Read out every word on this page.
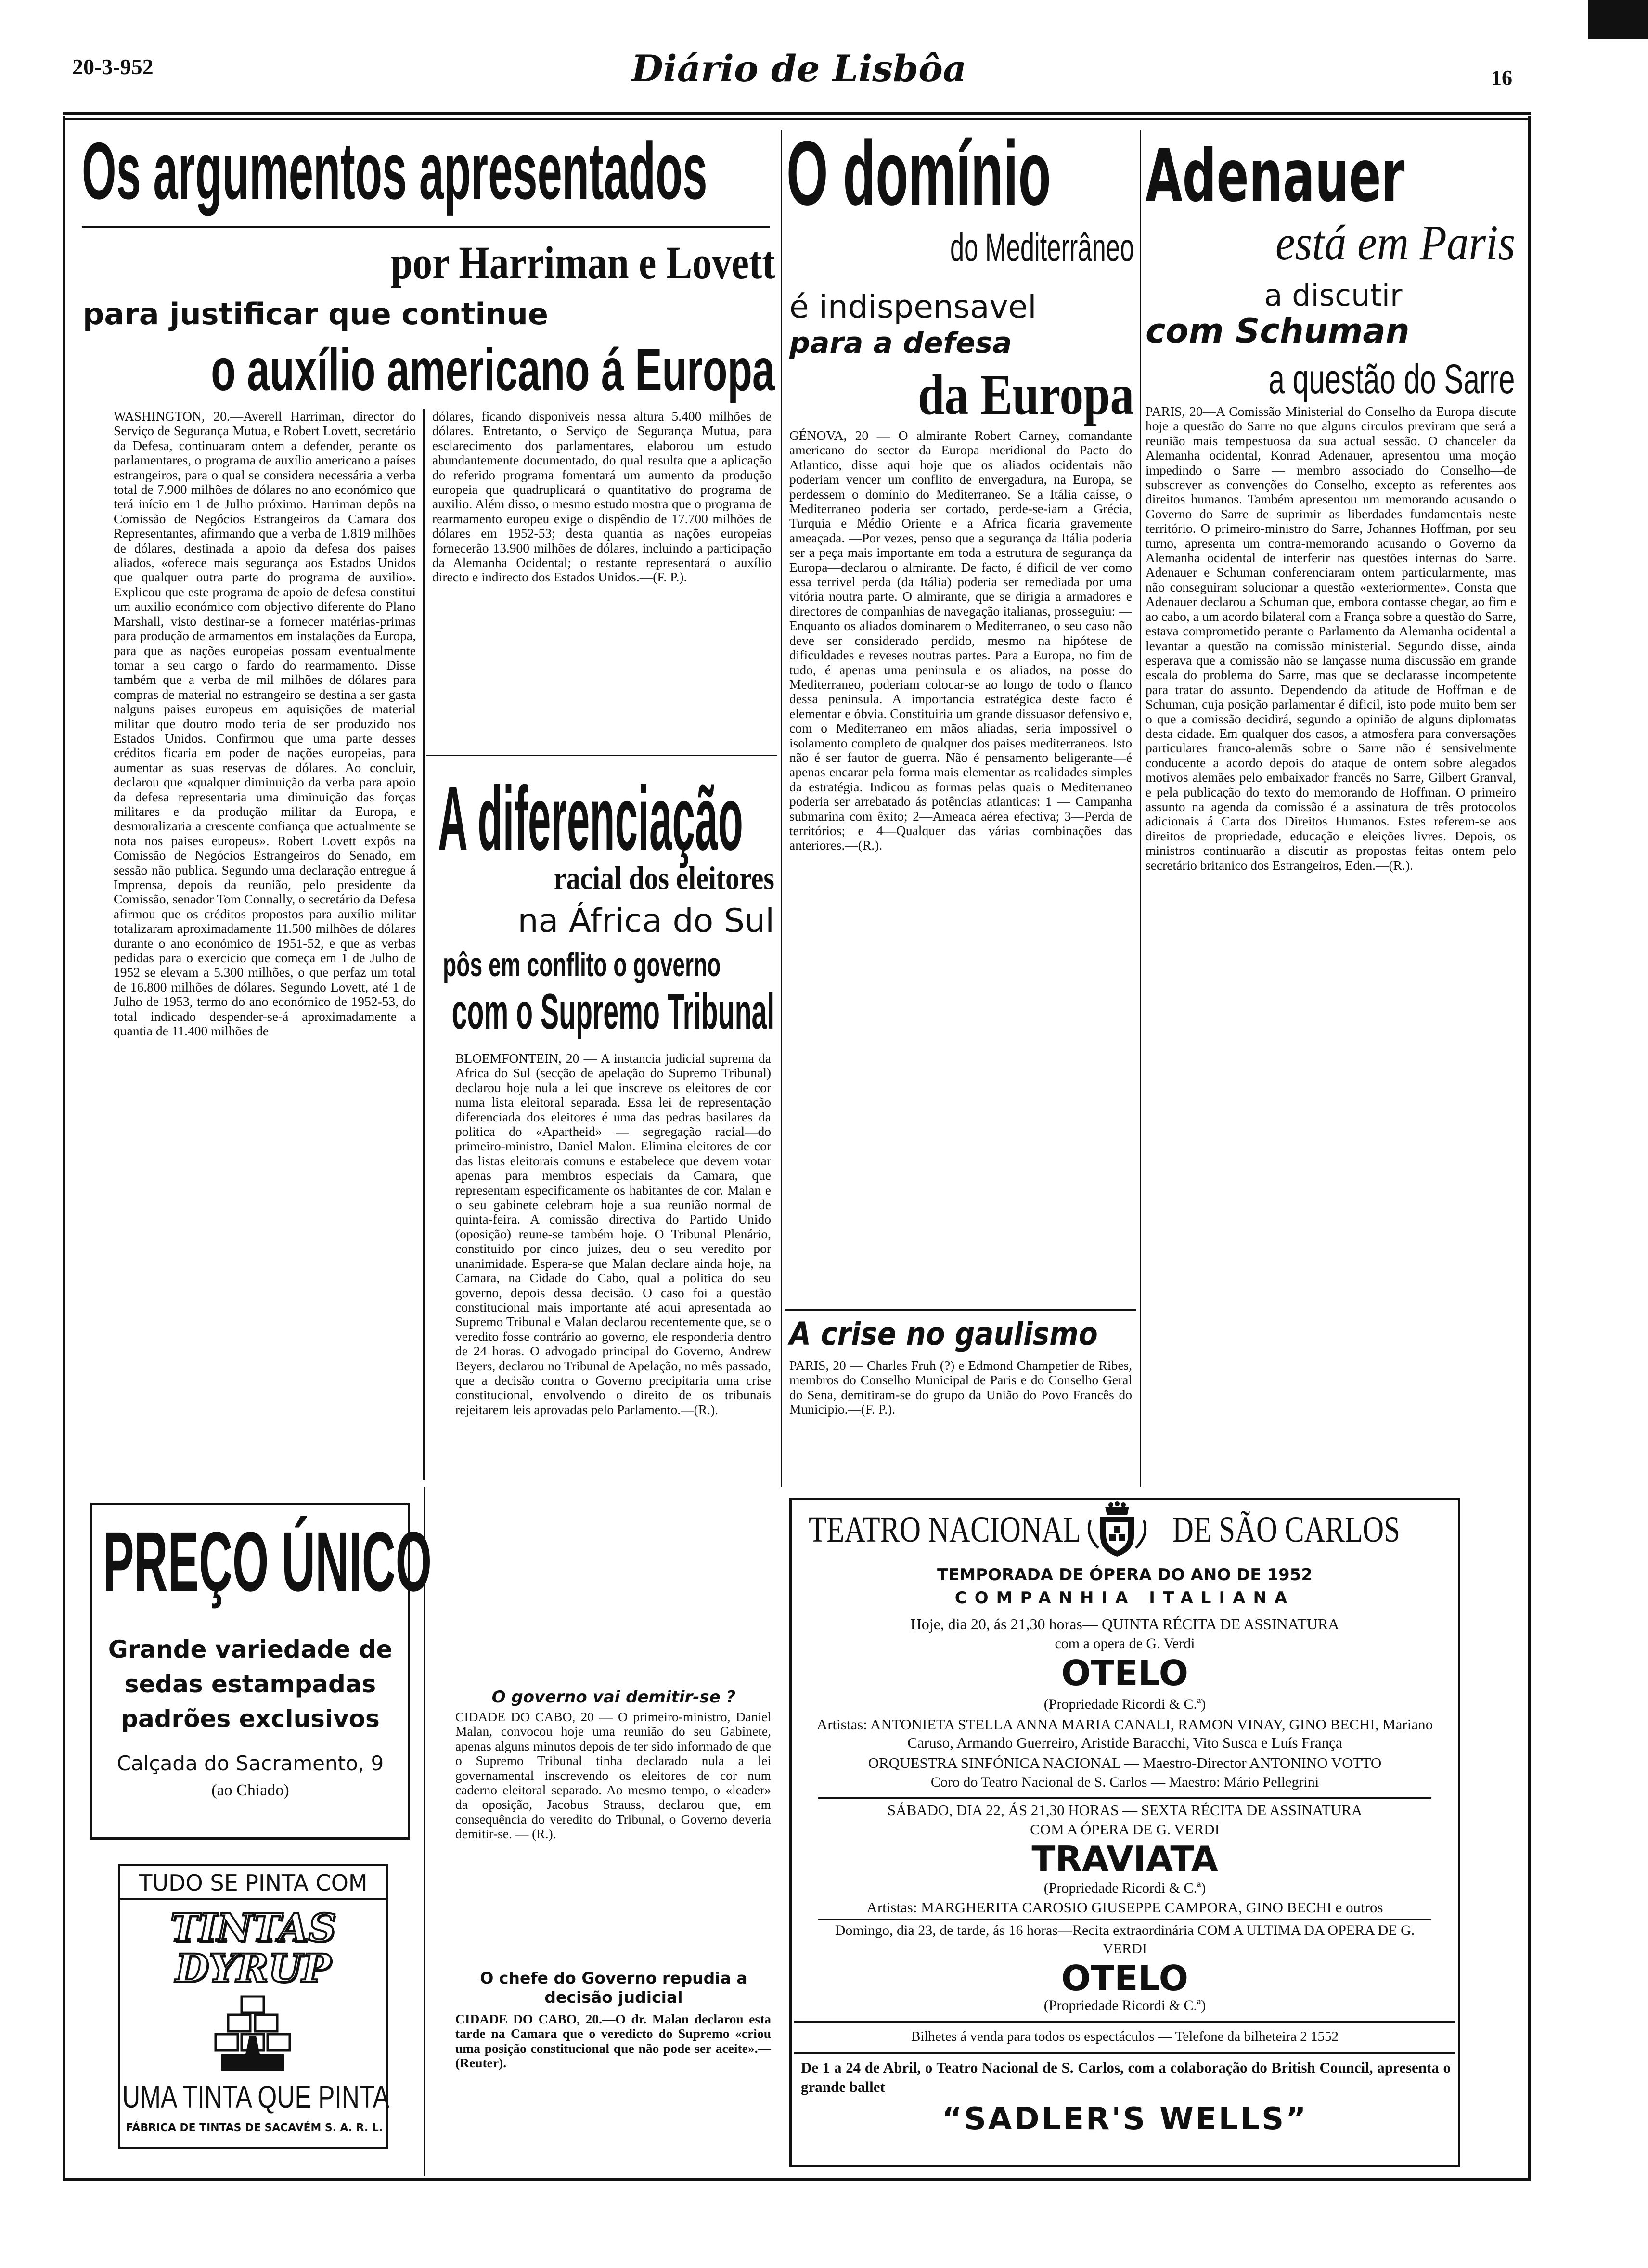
20-3-952	Diário de Lisbôa	16
Os argumentos apresentados
por Harriman e Lovett
para justificar que continue
o auxílio americano á Europa
WASHINGTON, 20.—Averell Harriman, director do Serviço de Segurança Mutua, e Robert Lovett, secretário da Defesa, continuaram ontem a defender, perante os parlamentares, o programa de auxílio americano a países estrangeiros, para o qual se considera necessária a verba total de 7.900 milhões de dólares no ano económico que terá início em 1 de Julho próximo. Harriman depôs na Comissão de Negócios Estrangeiros da Camara dos Representantes, afirmando que a verba de 1.819 milhões de dólares, destinada a apoio da defesa dos paises aliados, «oferece mais segurança aos Estados Unidos que qualquer outra parte do programa de auxilio». Explicou que este programa de apoio de defesa constitui um auxilio económico com objectivo diferente do Plano Marshall, visto destinar-se a fornecer matérias-primas para produção de armamentos em instalações da Europa, para que as nações europeias possam eventualmente tomar a seu cargo o fardo do rearmamento. Disse também que a verba de mil milhões de dólares para compras de material no estrangeiro se destina a ser gasta nalguns paises europeus em aquisições de material militar que doutro modo teria de ser produzido nos Estados Unidos. Confirmou que uma parte desses créditos ficaria em poder de nações europeias, para aumentar as suas reservas de dólares. Ao concluir, declarou que «qualquer diminuição da verba para apoio da defesa representaria uma diminuição das forças militares e da produção militar da Europa, e desmoralizaria a crescente confiança que actualmente se nota nos paises europeus». Robert Lovett expôs na Comissão de Negócios Estrangeiros do Senado, em sessão não publica. Segundo uma declaração entregue á Imprensa, depois da reunião, pelo presidente da Comissão, senador Tom Connally, o secretário da Defesa afirmou que os créditos propostos para auxílio militar totalizaram aproximadamente 11.500 milhões de dólares durante o ano económico de 1951-52, e que as verbas pedidas para o exercicio que começa em 1 de Julho de 1952 se elevam a 5.300 milhões, o que perfaz um total de 16.800 milhões de dólares. Segundo Lovett, até 1 de Julho de 1953, termo do ano económico de 1952-53, do total indicado despender-se-á aproximadamente a quantia de 11.400 milhões de
dólares, ficando disponiveis nessa altura 5.400 milhões de dólares. Entretanto, o Serviço de Segurança Mutua, para esclarecimento dos parlamentares, elaborou um estudo abundantemente documentado, do qual resulta que a aplicação do referido programa fomentará um aumento da produção europeia que quadruplicará o quantitativo do programa de auxilio. Além disso, o mesmo estudo mostra que o programa de rearmamento europeu exige o dispêndio de 17.700 milhões de dólares em 1952-53; desta quantia as nações europeias fornecerão 13.900 milhões de dólares, incluindo a participação da Alemanha Ocidental; o restante representará o auxílio directo e indirecto dos Estados Unidos.—(F. P.).
A diferenciação
racial dos eleitores
na África do Sul
pôs em conflito o governo
com o Supremo Tribunal
BLOEMFONTEIN, 20 — A instancia judicial suprema da Africa do Sul (secção de apelação do Supremo Tribunal) declarou hoje nula a lei que inscreve os eleitores de cor numa lista eleitoral separada. Essa lei de representação diferenciada dos eleitores é uma das pedras basilares da politica do «Apartheid» — segregação racial—do primeiro-ministro, Daniel Malon. Elimina eleitores de cor das listas eleitorais comuns e estabelece que devem votar apenas para membros especiais da Camara, que representam especificamente os habitantes de cor. Malan e o seu gabinete celebram hoje a sua reunião normal de quinta-feira. A comissão directiva do Partido Unido (oposição) reune-se também hoje. O Tribunal Plenário, constituido por cinco juizes, deu o seu veredito por unanimidade. Espera-se que Malan declare ainda hoje, na Camara, na Cidade do Cabo, qual a politica do seu governo, depois dessa decisão. O caso foi a questão constitucional mais importante até aqui apresentada ao Supremo Tribunal e Malan declarou recentemente que, se o veredito fosse contrário ao governo, ele responderia dentro de 24 horas. O advogado principal do Governo, Andrew Beyers, declarou no Tribunal de Apelação, no mês passado, que a decisão contra o Governo precipitaria uma crise constitucional, envolvendo o direito de os tribunais rejeitarem leis aprovadas pelo Parlamento.—(R.).
O governo vai demitir-se ?
CIDADE DO CABO, 20 — O primeiro-ministro, Daniel Malan, convocou hoje uma reunião do seu Gabinete, apenas alguns minutos depois de ter sido informado de que o Supremo Tribunal tinha declarado nula a lei governamental inscrevendo os eleitores de cor num caderno eleitoral separado. Ao mesmo tempo, o «leader» da oposição, Jacobus Strauss, declarou que, em consequência do veredito do Tribunal, o Governo deveria demitir-se. — (R.).
O chefe do Governo repudia a decisão judicial
CIDADE DO CABO, 20.—O dr. Malan declarou esta tarde na Camara que o veredicto do Supremo «criou uma posição constitucional que não pode ser aceite».—(Reuter).
O domínio
do Mediterrâneo
é indispensavel
para a defesa
da Europa
GÉNOVA, 20 — O almirante Robert Carney, comandante americano do sector da Europa meridional do Pacto do Atlantico, disse aqui hoje que os aliados ocidentais não poderiam vencer um conflito de envergadura, na Europa, se perdessem o domínio do Mediterraneo. Se a Itália caísse, o Mediterraneo poderia ser cortado, perde-se-iam a Grécia, Turquia e Médio Oriente e a Africa ficaria gravemente ameaçada. —Por vezes, penso que a segurança da Itália poderia ser a peça mais importante em toda a estrutura de segurança da Europa—declarou o almirante. De facto, é dificil de ver como essa terrivel perda (da Itália) poderia ser remediada por uma vitória noutra parte. O almirante, que se dirigia a armadores e directores de companhias de navegação italianas, prosseguiu: —Enquanto os aliados dominarem o Mediterraneo, o seu caso não deve ser considerado perdido, mesmo na hipótese de dificuldades e reveses noutras partes. Para a Europa, no fim de tudo, é apenas uma peninsula e os aliados, na posse do Mediterraneo, poderiam colocar-se ao longo de todo o flanco dessa peninsula. A importancia estratégica deste facto é elementar e óbvia. Constituiria um grande dissuasor defensivo e, com o Mediterraneo em mãos aliadas, seria impossivel o isolamento completo de qualquer dos paises mediterraneos. Isto não é ser fautor de guerra. Não é pensamento beligerante—é apenas encarar pela forma mais elementar as realidades simples da estratégia. Indicou as formas pelas quais o Mediterraneo poderia ser arrebatado ás potências atlanticas: 1 — Campanha submarina com êxito; 2—Ameaca aérea efectiva; 3—Perda de territórios; e 4—Qualquer das várias combinações das anteriores.—(R.).
A crise no gaulismo
PARIS, 20 — Charles Fruh (?) e Edmond Champetier de Ribes, membros do Conselho Municipal de Paris e do Conselho Geral do Sena, demitiram-se do grupo da União do Povo Francês do Municipio.—(F. P.).
Adenauer
está em Paris
a discutir
com Schuman
a questão do Sarre
PARIS, 20—A Comissão Ministerial do Conselho da Europa discute hoje a questão do Sarre no que alguns circulos previram que será a reunião mais tempestuosa da sua actual sessão. O chanceler da Alemanha ocidental, Konrad Adenauer, apresentou uma moção impedindo o Sarre — membro associado do Conselho—de subscrever as convenções do Conselho, excepto as referentes aos direitos humanos. Também apresentou um memorando acusando o Governo do Sarre de suprimir as liberdades fundamentais neste território. O primeiro-ministro do Sarre, Johannes Hoffman, por seu turno, apresenta um contra-memorando acusando o Governo da Alemanha ocidental de interferir nas questões internas do Sarre. Adenauer e Schuman conferenciaram ontem particularmente, mas não conseguiram solucionar a questão «exteriormente». Consta que Adenauer declarou a Schuman que, embora contasse chegar, ao fim e ao cabo, a um acordo bilateral com a França sobre a questão do Sarre, estava comprometido perante o Parlamento da Alemanha ocidental a levantar a questão na comissão ministerial. Segundo disse, ainda esperava que a comissão não se lançasse numa discussão em grande escala do problema do Sarre, mas que se declarasse incompetente para tratar do assunto. Dependendo da atitude de Hoffman e de Schuman, cuja posição parlamentar é dificil, isto pode muito bem ser o que a comissão decidirá, segundo a opinião de alguns diplomatas desta cidade. Em qualquer dos casos, a atmosfera para conversações particulares franco-alemãs sobre o Sarre não é sensivelmente conducente a acordo depois do ataque de ontem sobre alegados motivos alemães pelo embaixador francês no Sarre, Gilbert Granval, e pela publicação do texto do memorando de Hoffman. O primeiro assunto na agenda da comissão é a assinatura de três protocolos adicionais á Carta dos Direitos Humanos. Estes referem-se aos direitos de propriedade, educação e eleições livres. Depois, os ministros continuarão a discutir as propostas feitas ontem pelo secretário britanico dos Estrangeiros, Eden.—(R.).
PREÇO ÚNICO
Grande variedade de
sedas estampadas
padrões exclusivos
Calçada do Sacramento, 9
(ao Chiado)
TUDO SE PINTA COM
TINTAS
DYRUP
UMA TINTA QUE PINTA
FÁBRICA DE TINTAS DE SACAVÉM S. A. R. L.
TEATRO NACIONAL	DE SÃO CARLOS
TEMPORADA DE ÓPERA DO ANO DE 1952
COMPANHIA ITALIANA
Hoje, dia 20, ás 21,30 horas— QUINTA RÉCITA DE ASSINATURA
com a opera de G. Verdi
OTELO
(Propriedade Ricordi & C.ª)
Artistas: ANTONIETA STELLA ANNA MARIA CANALI, RAMON VINAY, GINO BECHI, Mariano Caruso, Armando Guerreiro, Aristide Baracchi, Vito Susca e Luís França
ORQUESTRA SINFÓNICA NACIONAL — Maestro-Director ANTONINO VOTTO
Coro do Teatro Nacional de S. Carlos — Maestro: Mário Pellegrini
SÁBADO, DIA 22, ÁS 21,30 HORAS — SEXTA RÉCITA DE ASSINATURA
COM A ÓPERA DE G. VERDI
TRAVIATA
(Propriedade Ricordi & C.ª)
Artistas: MARGHERITA CAROSIO GIUSEPPE CAMPORA, GINO BECHI e outros
Domingo, dia 23, de tarde, ás 16 horas—Recita extraordinária COM A ULTIMA DA OPERA DE G. VERDI
OTELO
(Propriedade Ricordi & C.ª)
Bilhetes á venda para todos os espectáculos — Telefone da bilheteira 2 1552
De 1 a 24 de Abril, o Teatro Nacional de S. Carlos, com a colaboração do British Council, apresenta o grande ballet
“SADLER'S WELLS”
